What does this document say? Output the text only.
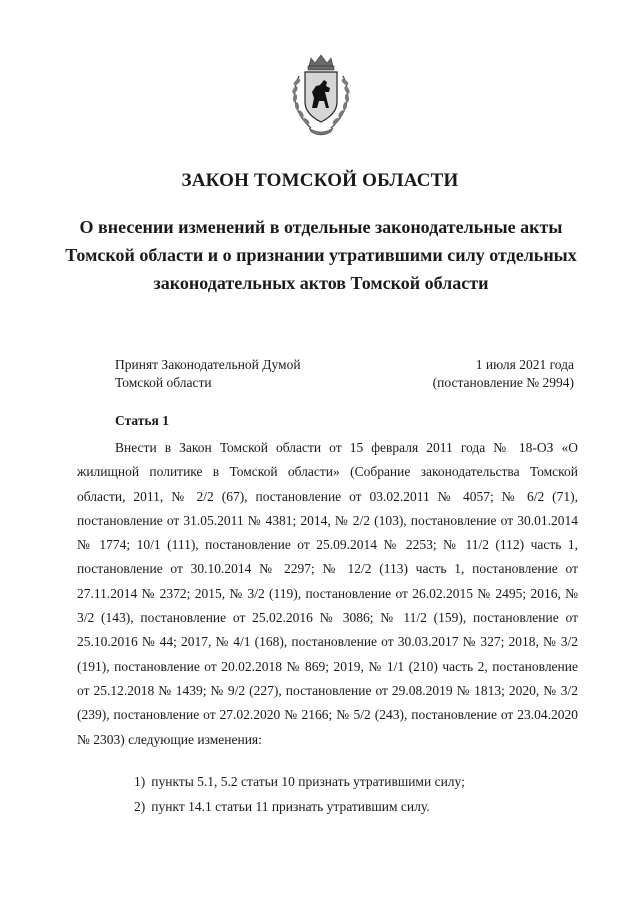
ЗАКОН ТОМСКОЙ ОБЛАСТИ
О внесении изменений в отдельные законодательные акты Томской области и о признании утратившими силу отдельных законодательных актов Томской области
Принят Законодательной Думой
Томской области
1 июля 2021 года
(постановление № 2994)
Статья 1

Внести в Закон Томской области от 15 февраля 2011 года № 18-ОЗ «О жилищной политике в Томской области» (Собрание законодательства Томской области, 2011, № 2/2 (67), постановление от 03.02.2011 № 4057; № 6/2 (71), постановление от 31.05.2011 № 4381; 2014, № 2/2 (103), постановление от 30.01.2014 № 1774; 10/1 (111), постановление от 25.09.2014 № 2253; № 11/2 (112) часть 1, постановление от 30.10.2014 № 2297; № 12/2 (113) часть 1, постановление от 27.11.2014 № 2372; 2015, № 3/2 (119), постановление от 26.02.2015 № 2495; 2016, № 3/2 (143), постановление от 25.02.2016 № 3086; № 11/2 (159), постановление от 25.10.2016 № 44; 2017, № 4/1 (168), постановление от 30.03.2017 № 327; 2018, № 3/2 (191), постановление от 20.02.2018 № 869; 2019, № 1/1 (210) часть 2, постановление от 25.12.2018 № 1439; № 9/2 (227), постановление от 29.08.2019 № 1813; 2020, № 3/2 (239), постановление от 27.02.2020 № 2166; № 5/2 (243), постановление от 23.04.2020 № 2303) следующие изменения:

1) пункты 5.1, 5.2 статьи 10 признать утратившими силу;
2) пункт 14.1 статьи 11 признать утратившим силу.
